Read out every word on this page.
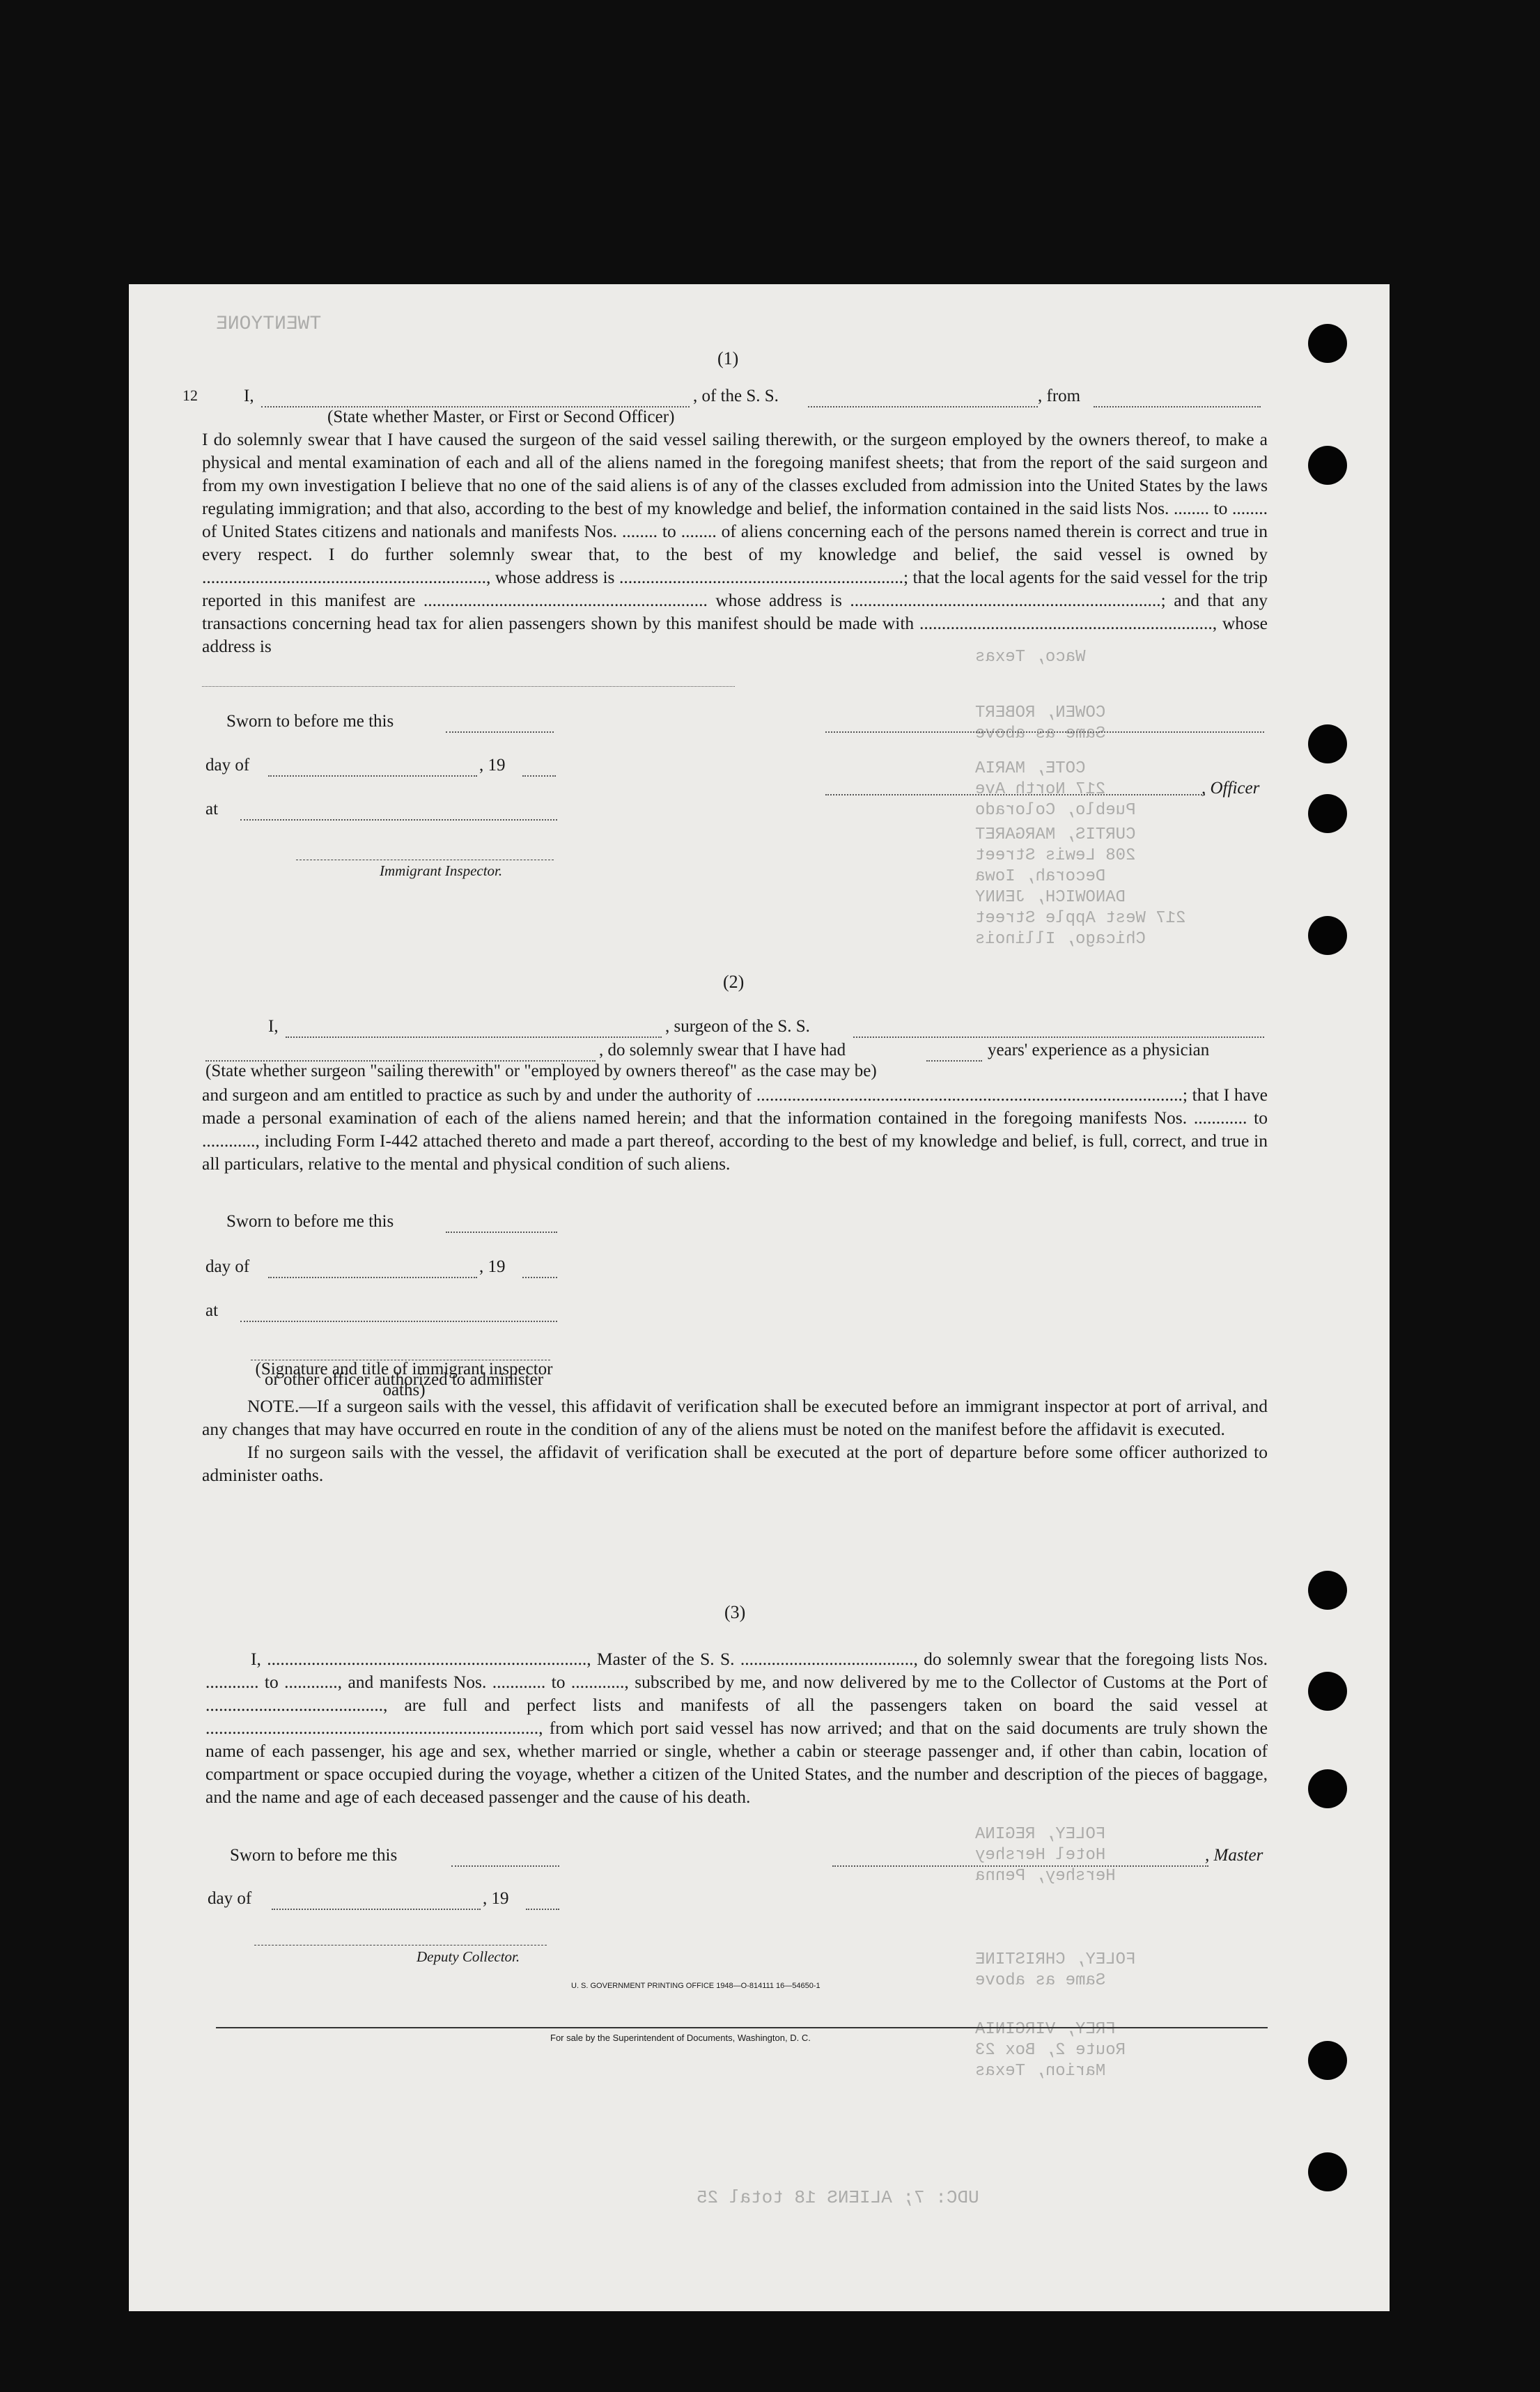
TWENTYONE
COWEN, ROBERT
Same as above
COTE, MARIA
217 North Ave
Pueblo, Colorado
CURTIS, MARGARET
208 Lewis Street
Decorah, Iowa
DANOWICH, JENNY
217 West Apple Street
Chicago, Illinois
Waco, Texas
FOLEY, REGINA
Hotel Hershey
Hershey, Penna
FOLEY, CHRISTINE
Same as above
FREY, VIRGINIA
Route 2, Box 23
Marion, Texas
UDC: 7; ALIENS 18 total 25
(1)
12	I,	, of the S. S.	, from
(State whether Master, or First or Second Officer)

I do solemnly swear that I have caused the surgeon of the said vessel sailing therewith, or the surgeon employed by the owners thereof, to make a physical and mental examination of each and all of the aliens named in the foregoing manifest sheets; that from the report of the said surgeon and from my own investigation I believe that no one of the said aliens is of any of the classes excluded from admission into the United States by the laws regulating immigration; and that also, according to the best of my knowledge and belief, the information contained in the said lists Nos. ........ to ........ of United States citizens and nationals and manifests Nos. ........ to ........ of aliens concerning each of the persons named therein is correct and true in every respect. I do further solemnly swear that, to the best of my knowledge and belief, the said vessel is owned by ................................................................, whose address is ................................................................; that the local agents for the said vessel for the trip reported in this manifest are ................................................................ whose address is ......................................................................; and that any transactions concerning head tax for alien passengers shown by this manifest should be made with .................................................................., whose address is

Sworn to before me this
day of	, 19
, Officer
at
Immigrant Inspector.
(2)
I,	, surgeon of the S. S.
, do solemnly swear that I have had	years' experience as a physician
(State whether surgeon "sailing therewith" or "employed by owners thereof" as the case may be)

and surgeon and am entitled to practice as such by and under the authority of ................................................................................................; that I have made a personal examination of each of the aliens named herein; and that the information contained in the foregoing manifests Nos. ............ to ............, including Form I-442 attached thereto and made a part thereof, according to the best of my knowledge and belief, is full, correct, and true in all particulars, relative to the mental and physical condition of such aliens.

Sworn to before me this
day of	, 19
at
(Signature and title of immigrant inspector or other officer authorized to administer oaths)

NOTE.—If a surgeon sails with the vessel, this affidavit of verification shall be executed before an immigrant inspector at port of arrival, and any changes that may have occurred en route in the condition of any of the aliens must be noted on the manifest before the affidavit is executed.

If no surgeon sails with the vessel, the affidavit of verification shall be executed at the port of departure before some officer authorized to administer oaths.

(3)

I, ........................................................................, Master of the S. S. ......................................., do solemnly swear that the foregoing lists Nos. ............ to ............, and manifests Nos. ............ to ............, subscribed by me, and now delivered by me to the Collector of Customs at the Port of ........................................, are full and perfect lists and manifests of all the passengers taken on board the said vessel at ..........................................................................., from which port said vessel has now arrived; and that on the said documents are truly shown the name of each passenger, his age and sex, whether married or single, whether a cabin or steerage passenger and, if other than cabin, location of compartment or space occupied during the voyage, whether a citizen of the United States, and the number and description of the pieces of baggage, and the name and age of each deceased passenger and the cause of his death.

Sworn to before me this	, Master
day of	, 19
Deputy Collector.
U. S. GOVERNMENT PRINTING OFFICE 1948—O-814111 16—54650-1
For sale by the Superintendent of Documents, Washington, D. C.
